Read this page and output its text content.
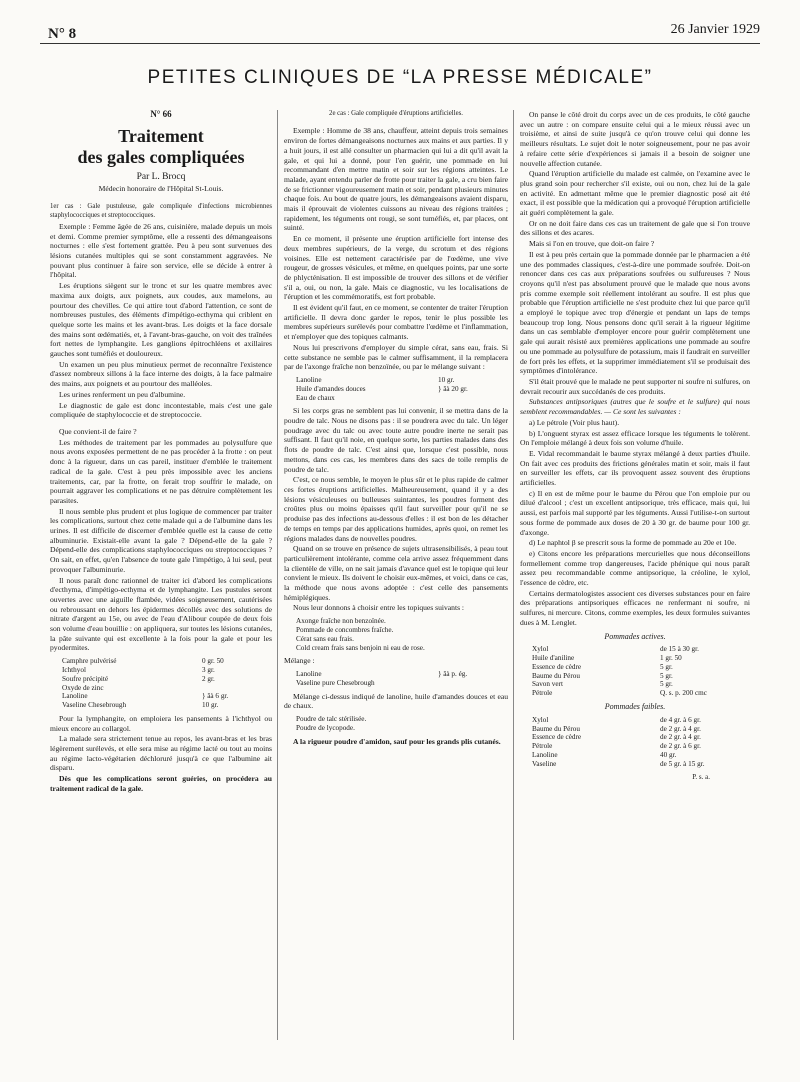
N° 8	26 Janvier 1929
PETITES CLINIQUES DE “LA PRESSE MÉDICALE”
N° 66
Traitement
des gales compliquées
Par L. Brocq
Médecin honoraire de l'Hôpital St-Louis.

1er cas : Gale pustuleuse, gale compliquée d'infections microbiennes staphylococciques et streptococciques.

Exemple : Femme âgée de 26 ans, cuisinière, malade depuis un mois et demi. Comme premier symptôme, elle a ressenti des démangeaisons nocturnes : elle s'est fortement grattée. Peu à peu sont survenues des lésions cutanées multiples qui se sont constamment aggravées. Ne pouvant plus continuer à faire son service, elle se décide à entrer à l'hôpital.

Les éruptions siègent sur le tronc et sur les quatre membres avec maxima aux doigts, aux poignets, aux coudes, aux mamelons, au pourtour des chevilles. Ce qui attire tout d'abord l'attention, ce sont de nombreuses pustules, des éléments d'impétigo-ecthyma qui criblent en quelque sorte les mains et les avant-bras. Les doigts et la face dorsale des mains sont œdématiés, et, à l'avant-bras-gauche, on voit des traînées fort nettes de lymphangite. Les ganglions épitrochléens et axillaires gauches sont tuméfiés et douloureux.

Un examen un peu plus minutieux permet de reconnaître l'existence d'assez nombreux sillons à la face interne des doigts, à la face palmaire des mains, aux poignets et au pourtour des malléoles.

Les urines renferment un peu d'albumine.

Le diagnostic de gale est donc incontestable, mais c'est une gale compliquée de staphylococcie et de streptococcie.

Que convient-il de faire ?

Les méthodes de traitement par les pommades au polysulfure que nous avons exposées permettent de ne pas procéder à la frotte : on peut donc à la rigueur, dans un cas pareil, instituer d'emblée le traitement radical de la gale. C'est à peu près impossible avec les anciens traitements, car, par la frotte, on ferait trop souffrir le malade, on pourrait aggraver les complications et ne pas détruire complètement les parasites.

Il nous semble plus prudent et plus logique de commencer par traiter les complications, surtout chez cette malade qui a de l'albumine dans les urines. Il est difficile de discerner d'emblée quelle est la cause de cette albuminurie. Existait-elle avant la gale ? Dépend-elle de la gale ? Dépend-elle des complications staphylococciques ou streptococciques ? On sait, en effet, qu'en l'absence de toute gale l'impétigo, à lui seul, peut provoquer l'albuminurie.

Il nous paraît donc rationnel de traiter ici d'abord les complications d'ecthyma, d'impétigo-ecthyma et de lymphangite. Les pustules seront ouvertes avec une aiguille flambée, vidées soigneusement, cautérisées ou rebroussant en dehors les épidermes décollés avec des solutions de nitrate d'argent au 15e, ou avec de l'eau d'Alibour coupée de deux fois son volume d'eau bouillie : on appliquera, sur toutes les lésions cutanées, la pâte suivante qui est excellente à la fois pour la gale et pour les pyodermites.

Camphre pulvérisé	0 gr. 50
Ichthyol	3 gr.
Soufre précipité	2 gr.
Oxyde de zinc
Lanoline	} âà 6 gr.
Vaseline Chesebrough	10 gr.

Pour la lymphangite, on emploiera les pansements à l'ichthyol ou mieux encore au collargol.

La malade sera strictement tenue au repos, les avant-bras et les bras légèrement surélevés, et elle sera mise au régime lacté ou tout au moins au régime lacto-végétarien déchloruré jusqu'à ce que l'albumine ait disparu.

Dès que les complications seront guéries, on procédera au traitement radical de la gale.

2e cas : Gale compliquée d'éruptions artificielles.

Exemple : Homme de 38 ans, chauffeur, atteint depuis trois semaines environ de fortes démangeaisons nocturnes aux mains et aux parties. Il y a huit jours, il est allé consulter un pharmacien qui lui a dit qu'il avait la gale, et qui lui a donné, pour l'en guérir, une pommade en lui recommandant d'en mettre matin et soir sur les régions atteintes. Le malade, ayant entendu parler de frotte pour traiter la gale, a cru bien faire de se frictionner vigoureusement matin et soir, pendant plusieurs minutes chaque fois. Au bout de quatre jours, les démangeaisons avaient disparu, mais il éprouvait de violentes cuissons au niveau des régions traitées ; rapidement, les téguments ont rougi, se sont tuméfiés, et, par places, ont suinté.

En ce moment, il présente une éruption artificielle fort intense des deux membres supérieurs, de la verge, du scrotum et des régions voisines. Elle est nettement caractérisée par de l'œdème, une vive rougeur, de grosses vésicules, et même, en quelques points, par une sorte de phlycténisation. Il est impossible de trouver des sillons et de vérifier s'il a, oui, ou non, la gale. Mais ce diagnostic, vu les localisations de l'éruption et les commémoratifs, est fort probable.

Il est évident qu'il faut, en ce moment, se contenter de traiter l'éruption artificielle. Il devra donc garder le repos, tenir le plus possible les membres supérieurs surélevés pour combattre l'œdème et l'inflammation, et n'employer que des topiques calmants.

Nous lui prescrivons d'employer du simple cérat, sans eau, frais. Si cette substance ne semble pas le calmer suffisamment, il la remplacera par de l'axonge fraîche non benzoïnée, ou par le mélange suivant :

Lanoline	10 gr.
Huile d'amandes douces	} âà 20 gr.
Eau de chaux

Si les corps gras ne semblent pas lui convenir, il se mettra dans de la poudre de talc. Nous ne disons pas : il se poudrera avec du talc. Un léger poudrage avec du talc ou avec toute autre poudre inerte ne serait pas suffisant. Il faut qu'il noie, en quelque sorte, les parties malades dans des flots de poudre de talc. C'est ainsi que, lorsque c'est possible, nous mettons, dans ces cas, les membres dans des sacs de toile remplis de poudre de talc.

C'est, ce nous semble, le moyen le plus sûr et le plus rapide de calmer ces fortes éruptions artificielles. Malheureusement, quand il y a des lésions vésiculeuses ou bulleuses suintantes, les poudres forment des croûtes plus ou moins épaisses qu'il faut surveiller pour qu'il ne se produise pas des infections au-dessous d'elles : il est bon de les détacher de temps en temps par des applications humides, après quoi, on remet les régions malades dans de nouvelles poudres.

Quand on se trouve en présence de sujets ultrasensibilisés, à peau tout particulièrement intolérante, comme cela arrive assez fréquemment dans la clientèle de ville, on ne sait jamais d'avance quel est le topique qui leur convient le mieux. Ils doivent le choisir eux-mêmes, et voici, dans ce cas, la méthode que nous avons adoptée : c'est celle des pansements hémiplégiques.

Nous leur donnons à choisir entre les topiques suivants :

Axonge fraîche non benzoïnée.
Pommade de concombres fraîche.
Cérat sans eau frais.
Cold cream frais sans benjoin ni eau de rose.

Mélange :

Lanoline	} âà p. ég.
Vaseline pure Chesebrough

Mélange ci-dessus indiqué de lanoline, huile d'amandes douces et eau de chaux.

Poudre de talc stérilisée.
Poudre de lycopode.

A la rigueur poudre d'amidon, sauf pour les grands plis cutanés.

On panse le côté droit du corps avec un de ces produits, le côté gauche avec un autre : on compare ensuite celui qui a le mieux réussi avec un troisième, et ainsi de suite jusqu'à ce qu'on trouve celui qui donne les meilleurs résultats. Le sujet doit le noter soigneusement, pour ne pas avoir à refaire cette série d'expériences si jamais il a besoin de soigner une nouvelle affection cutanée.

Quand l'éruption artificielle du malade est calmée, on l'examine avec le plus grand soin pour rechercher s'il existe, oui ou non, chez lui de la gale en activité. En admettant même que le premier diagnostic posé ait été exact, il est possible que la médication qui a provoqué l'éruption artificielle ait guéri complètement la gale.

Or on ne doit faire dans ces cas un traitement de gale que si l'on trouve des sillons et des acares.

Mais si l'on en trouve, que doit-on faire ?

Il est à peu près certain que la pommade donnée par le pharmacien a été une des pommades classiques, c'est-à-dire une pommade soufrée. Doit-on renoncer dans ces cas aux préparations soufrées ou sulfureuses ? Nous croyons qu'il n'est pas absolument prouvé que le malade que nous avons pris comme exemple soit réellement intolérant au soufre. Il est plus que probable que l'éruption artificielle ne s'est produite chez lui que parce qu'il a employé le topique avec trop d'énergie et pendant un laps de temps beaucoup trop long. Nous pensons donc qu'il serait à la rigueur légitime dans un cas semblable d'employer encore pour guérir complètement une gale qui aurait résisté aux premières applications une pommade au soufre ou une pommade au polysulfure de potassium, mais il faudrait en surveiller de fort près les effets, et la supprimer immédiatement s'il se produisait des symptômes d'intolérance.

S'il était prouvé que le malade ne peut supporter ni soufre ni sulfures, on devrait recourir aux succédanés de ces produits.

Substances antipsoriques (autres que le soufre et le sulfure) qui nous semblent recommandables. — Ce sont les suivantes :

a) Le pétrole (Voir plus haut).

b) L'onguent styrax est assez efficace lorsque les téguments le tolèrent. On l'emploie mélangé à deux fois son volume d'huile.

E. Vidal recommandait le baume styrax mélangé à deux parties d'huile. On fait avec ces produits des frictions générales matin et soir, mais il faut en surveiller les effets, car ils provoquent assez souvent des éruptions artificielles.

c) Il en est de même pour le baume du Pérou que l'on emploie pur ou dilué d'alcool ; c'est un excellent antipsorique, très efficace, mais qui, lui aussi, est parfois mal supporté par les téguments. Aussi l'utilise-t-on surtout sous forme de pommade aux doses de 20 à 30 gr. de baume pour 100 gr. d'axonge.

d) Le naphtol β se prescrit sous la forme de pommade au 20e et 10e.

e) Citons encore les préparations mercurielles que nous déconseillons formellement comme trop dangereuses, l'acide phénique qui nous paraît assez peu recommandable comme antipsorique, la créoline, le xylol, l'essence de cèdre, etc.

Certains dermatologistes associent ces diverses substances pour en faire des préparations antipsoriques efficaces ne renfermant ni soufre, ni sulfures, ni mercure. Citons, comme exemples, les deux formules suivantes dues à M. Lenglet.

Pommades actives.
Xylol	de 15 à 30 gr.
Huile d'aniline	1 gr. 50
Essence de cèdre	5 gr.
Baume du Pérou	5 gr.
Savon vert	5 gr.
Pétrole	Q. s. p. 200 cmc
Pommades faibles.
Xylol	de 4 gr. à 6 gr.
Baume du Pérou	de 2 gr. à 4 gr.
Essence de cèdre	de 2 gr. à 4 gr.
Pétrole	de 2 gr. à 6 gr.
Lanoline	40 gr.
Vaseline	de 5 gr. à 15 gr.
P. s. a.
